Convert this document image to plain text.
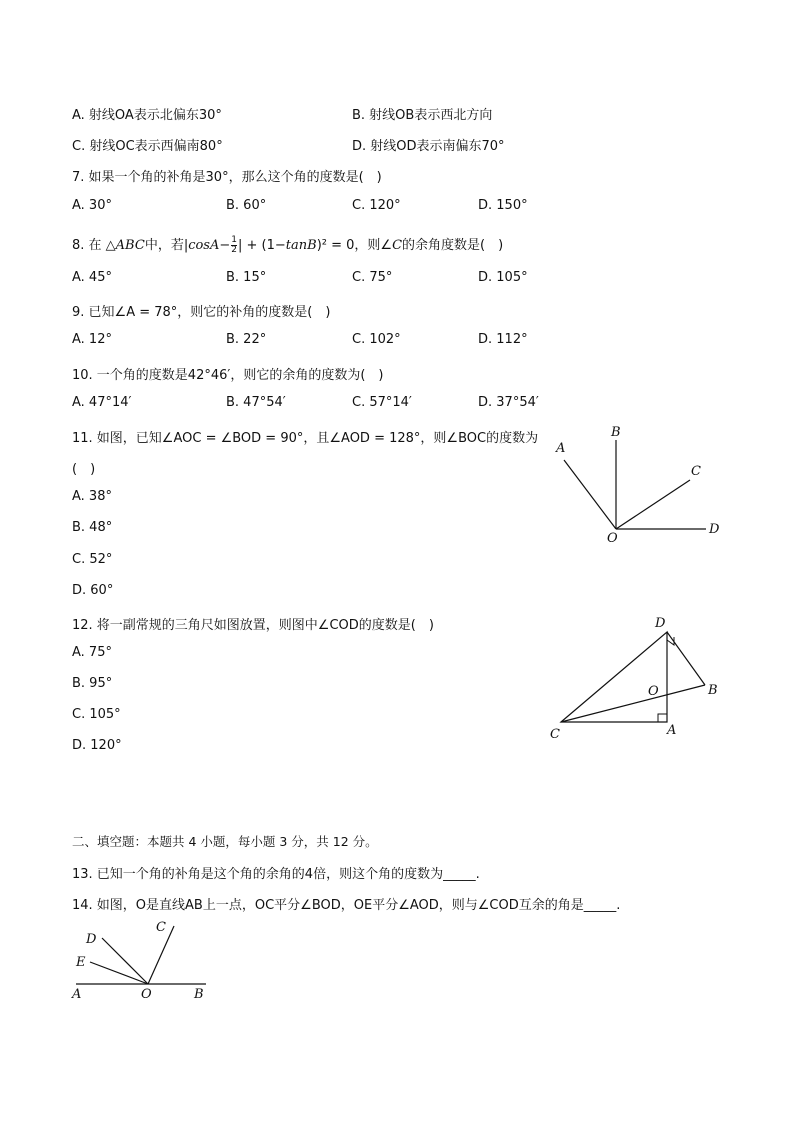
A. 射线OA表示北偏东30°	B. 射线OB表示西北方向
C. 射线OC表示西偏南80°	D. 射线OD表示南偏东70°
7. 如果一个角的补角是30°，那么这个角的度数是(　)
A. 30°	B. 60°	C. 120°	D. 150°
8. 在 △ABC中，若$|\cos A- \frac{1}{2}$ | + (1−tanB)² = 0，则∠C的余角度数是(　)
A. 45°	B. 15°	C. 75°	D. 105°
9. 已知∠A = 78°，则它的补角的度数是(　)
A. 12°	B. 22°	C. 102°	D. 112°
10. 一个角的度数是42°46′，则它的余角的度数为(　)
A. 47°14′	B. 47°54′	C. 57°14′	D. 37°54′
11. 如图，已知∠AOC = ∠BOD = 90°，且∠AOD = 128°，则∠BOC的度数为
(　)
A. 38°
B. 48°
C. 52°
D. 60°
A
B
C
D
O
12. 将一副常规的三角尺如图放置，则图中∠COD的度数是(　)
A. 75°
B. 95°
C. 105°
D. 120°
D
O	B
C	A
二、填空题：本题共 4 小题，每小题 3 分，共 12 分。
13. 已知一个角的补角是这个角的余角的4倍，则这个角的度数为_____.
14. 如图，O是直线AB上一点，OC平分∠BOD，OE平分∠AOD，则与∠COD互余的角是_____.
D
C
E
A	O	B
